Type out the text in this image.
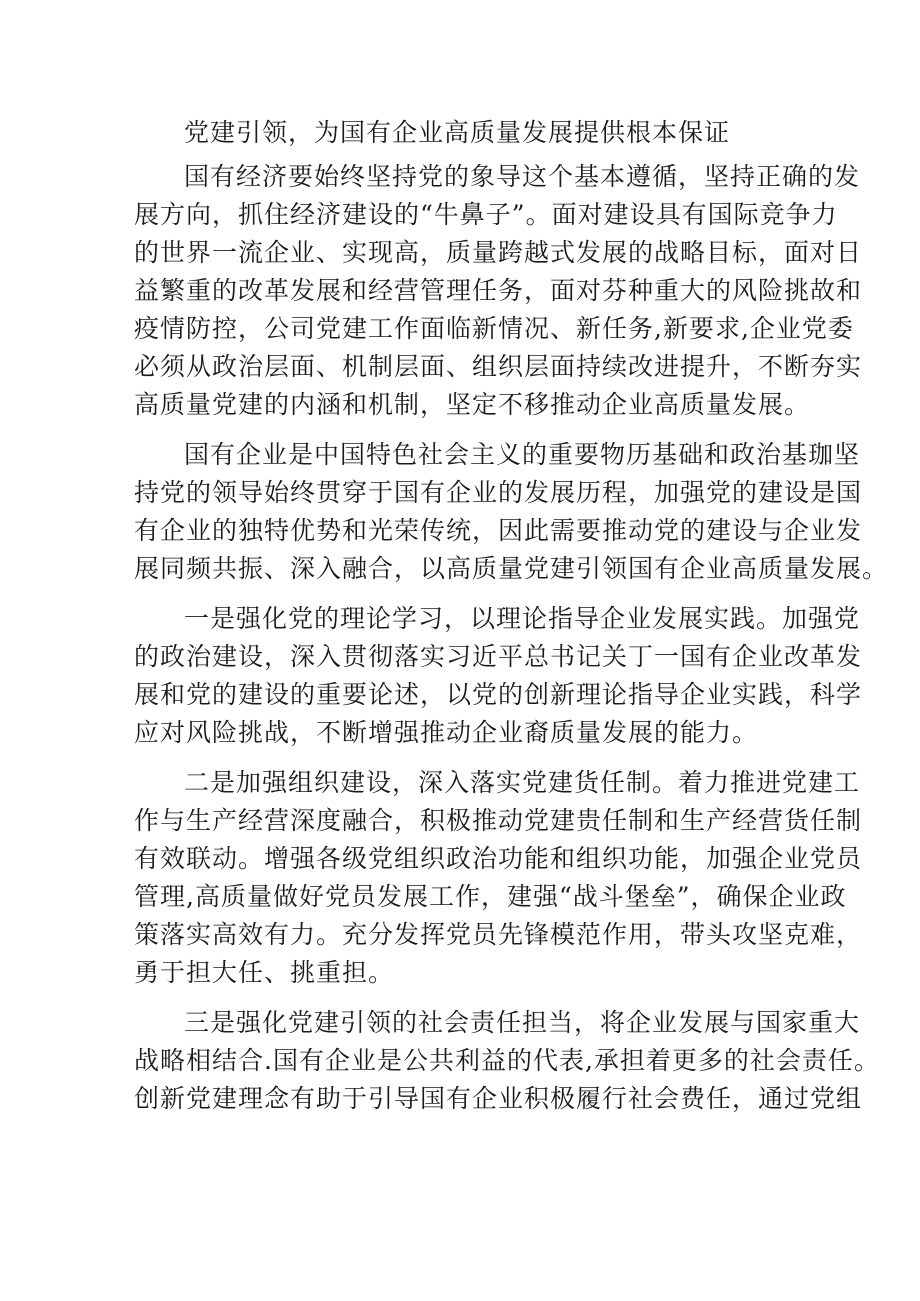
党建引领，为国有企业高质量发展提供根本保证
国有经济要始终坚持党的象导这个基本遵循，坚持正确的发
展方向，抓住经济建设的“牛鼻子”。面对建设具有国际竞争力
的世界一流企业、实现高，质量跨越式发展的战略目标，面对日
益繁重的改革发展和经营管理任务，面对芬种重大的风险挑故和
疫情防控，公司党建工作面临新情况、新任务,新要求,企业党委
必须从政治层面、机制层面、组织层面持续改进提升，不断夯实
高质量党建的内涵和机制，坚定不移推动企业高质量发展。
国有企业是中国特色社会主义的重要物历基础和政治基珈坚
持党的领导始终贯穿于国有企业的发展历程，加强党的建设是国
有企业的独特优势和光荣传统，因此需要推动党的建设与企业发
展同频共振、深入融合，以高质量党建引领国有企业高质量发展。
一是强化党的理论学习，以理论指导企业发展实践。加强党
的政治建设，深入贯彻落实习近平总书记关丁一国有企业改革发
展和党的建设的重要论述，以党的创新理论指导企业实践，科学
应对风险挑战，不断增强推动企业裔质量发展的能力。
二是加强组织建设，深入落实党建货任制。着力推进党建工
作与生产经营深度融合，积极推动党建贵任制和生产经营货任制
有效联动。增强各级党组织政治功能和组织功能，加强企业党员
管理,高质量做好党员发展工作，建强“战斗堡垒”，确保企业政
策落实高效有力。充分发挥党员先锋模范作用，带头攻坚克难，
勇于担大任、挑重担。
三是强化党建引领的社会责任担当，将企业发展与国家重大
战略相结合.国有企业是公共利益的代表,承担着更多的社会责任。
创新党建理念有助于引导国有企业积极履行社会费任，通过党组
